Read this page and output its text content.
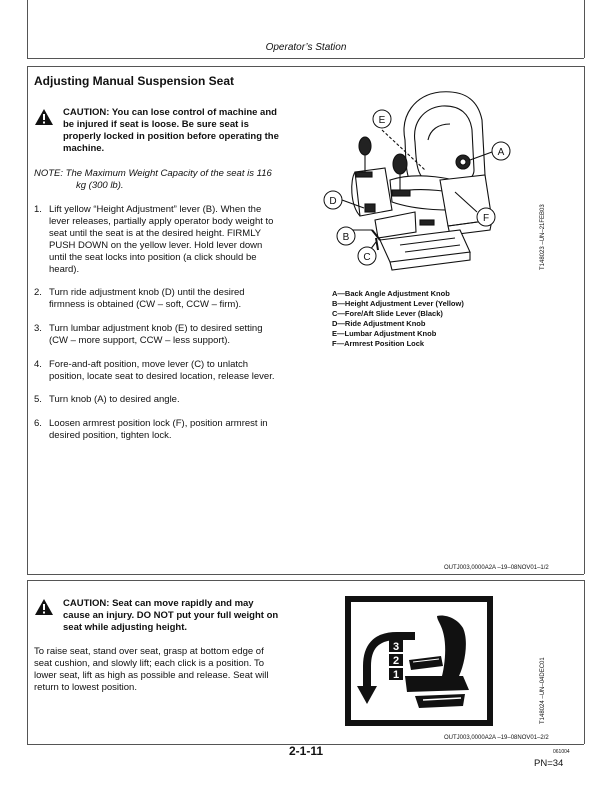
Operator’s Station
Adjusting Manual Suspension Seat
CAUTION: You can lose control of machine and
be injured if seat is loose. Be sure seat is
properly locked in position before operating the
machine.
NOTE: The Maximum Weight Capacity of the seat is 116
kg (300 lb).
1. Lift yellow “Height Adjustment” lever (B). When the
lever releases, partially apply operator body weight to
seat until the seat is at the desired height. FIRMLY
PUSH DOWN on the yellow lever. Hold lever down
until the seat locks into position (a click should be
heard).
2. Turn ride adjustment knob (D) until the desired
firmness is obtained (CW – soft, CCW – firm).
3. Turn lumbar adjustment knob (E) to desired setting
(CW – more support, CCW – less support).
4. Fore-and-aft position, move lever (C) to unlatch
position, locate seat to desired location, release lever.
5. Turn knob (A) to desired angle.
6. Loosen armrest position lock (F), position armrest in
desired position, tighten lock.
E
A
F
D
B
C	T148023 –UN–21FEB03
A—Back Angle Adjustment Knob
B—Height Adjustment Lever (Yellow)
C—Fore/Aft Slide Lever (Black)
D—Ride Adjustment Knob
E—Lumbar Adjustment Knob
F—Armrest Position Lock
OUTJ003,0000A2A –19–08NOV01–1/2
CAUTION: Seat can move rapidly and may
cause an injury. DO NOT put your full weight on
seat while adjusting height.
To raise seat, stand over seat, grasp at bottom edge of
seat cushion, and slowly lift; each click is a position. To
lower seat, lift as high as possible and release. Seat will
return to lowest position.
3
2
1	T148024 –UN–04DEC01
OUTJ003,0000A2A –19–08NOV01–2/2
2-1-11	061004
PN=34
